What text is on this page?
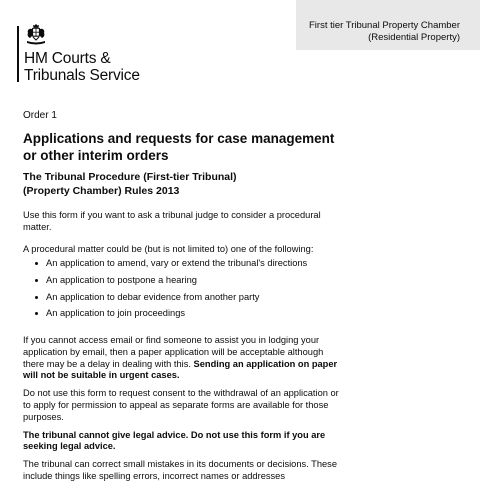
First tier Tribunal Property Chamber
(Residential Property)
HM Courts &
Tribunals Service
Order 1
Applications and requests for case management or other interim orders
The Tribunal Procedure (First-tier Tribunal)
(Property Chamber) Rules 2013

Use this form if you want to ask a tribunal judge to consider a procedural matter.

A procedural matter could be (but is not limited to) one of the following:

An application to amend, vary or extend the tribunal's directions
An application to postpone a hearing
An application to debar evidence from another party
An application to join proceedings

If you cannot access email or find someone to assist you in lodging your application by email, then a paper application will be acceptable although there may be a delay in dealing with this. Sending an application on paper will not be suitable in urgent cases.

Do not use this form to request consent to the withdrawal of an application or to apply for permission to appeal as separate forms are available for those purposes.

The tribunal cannot give legal advice. Do not use this form if you are seeking legal advice.

The tribunal can correct small mistakes in its documents or decisions. These include things like spelling errors, incorrect names or addresses
